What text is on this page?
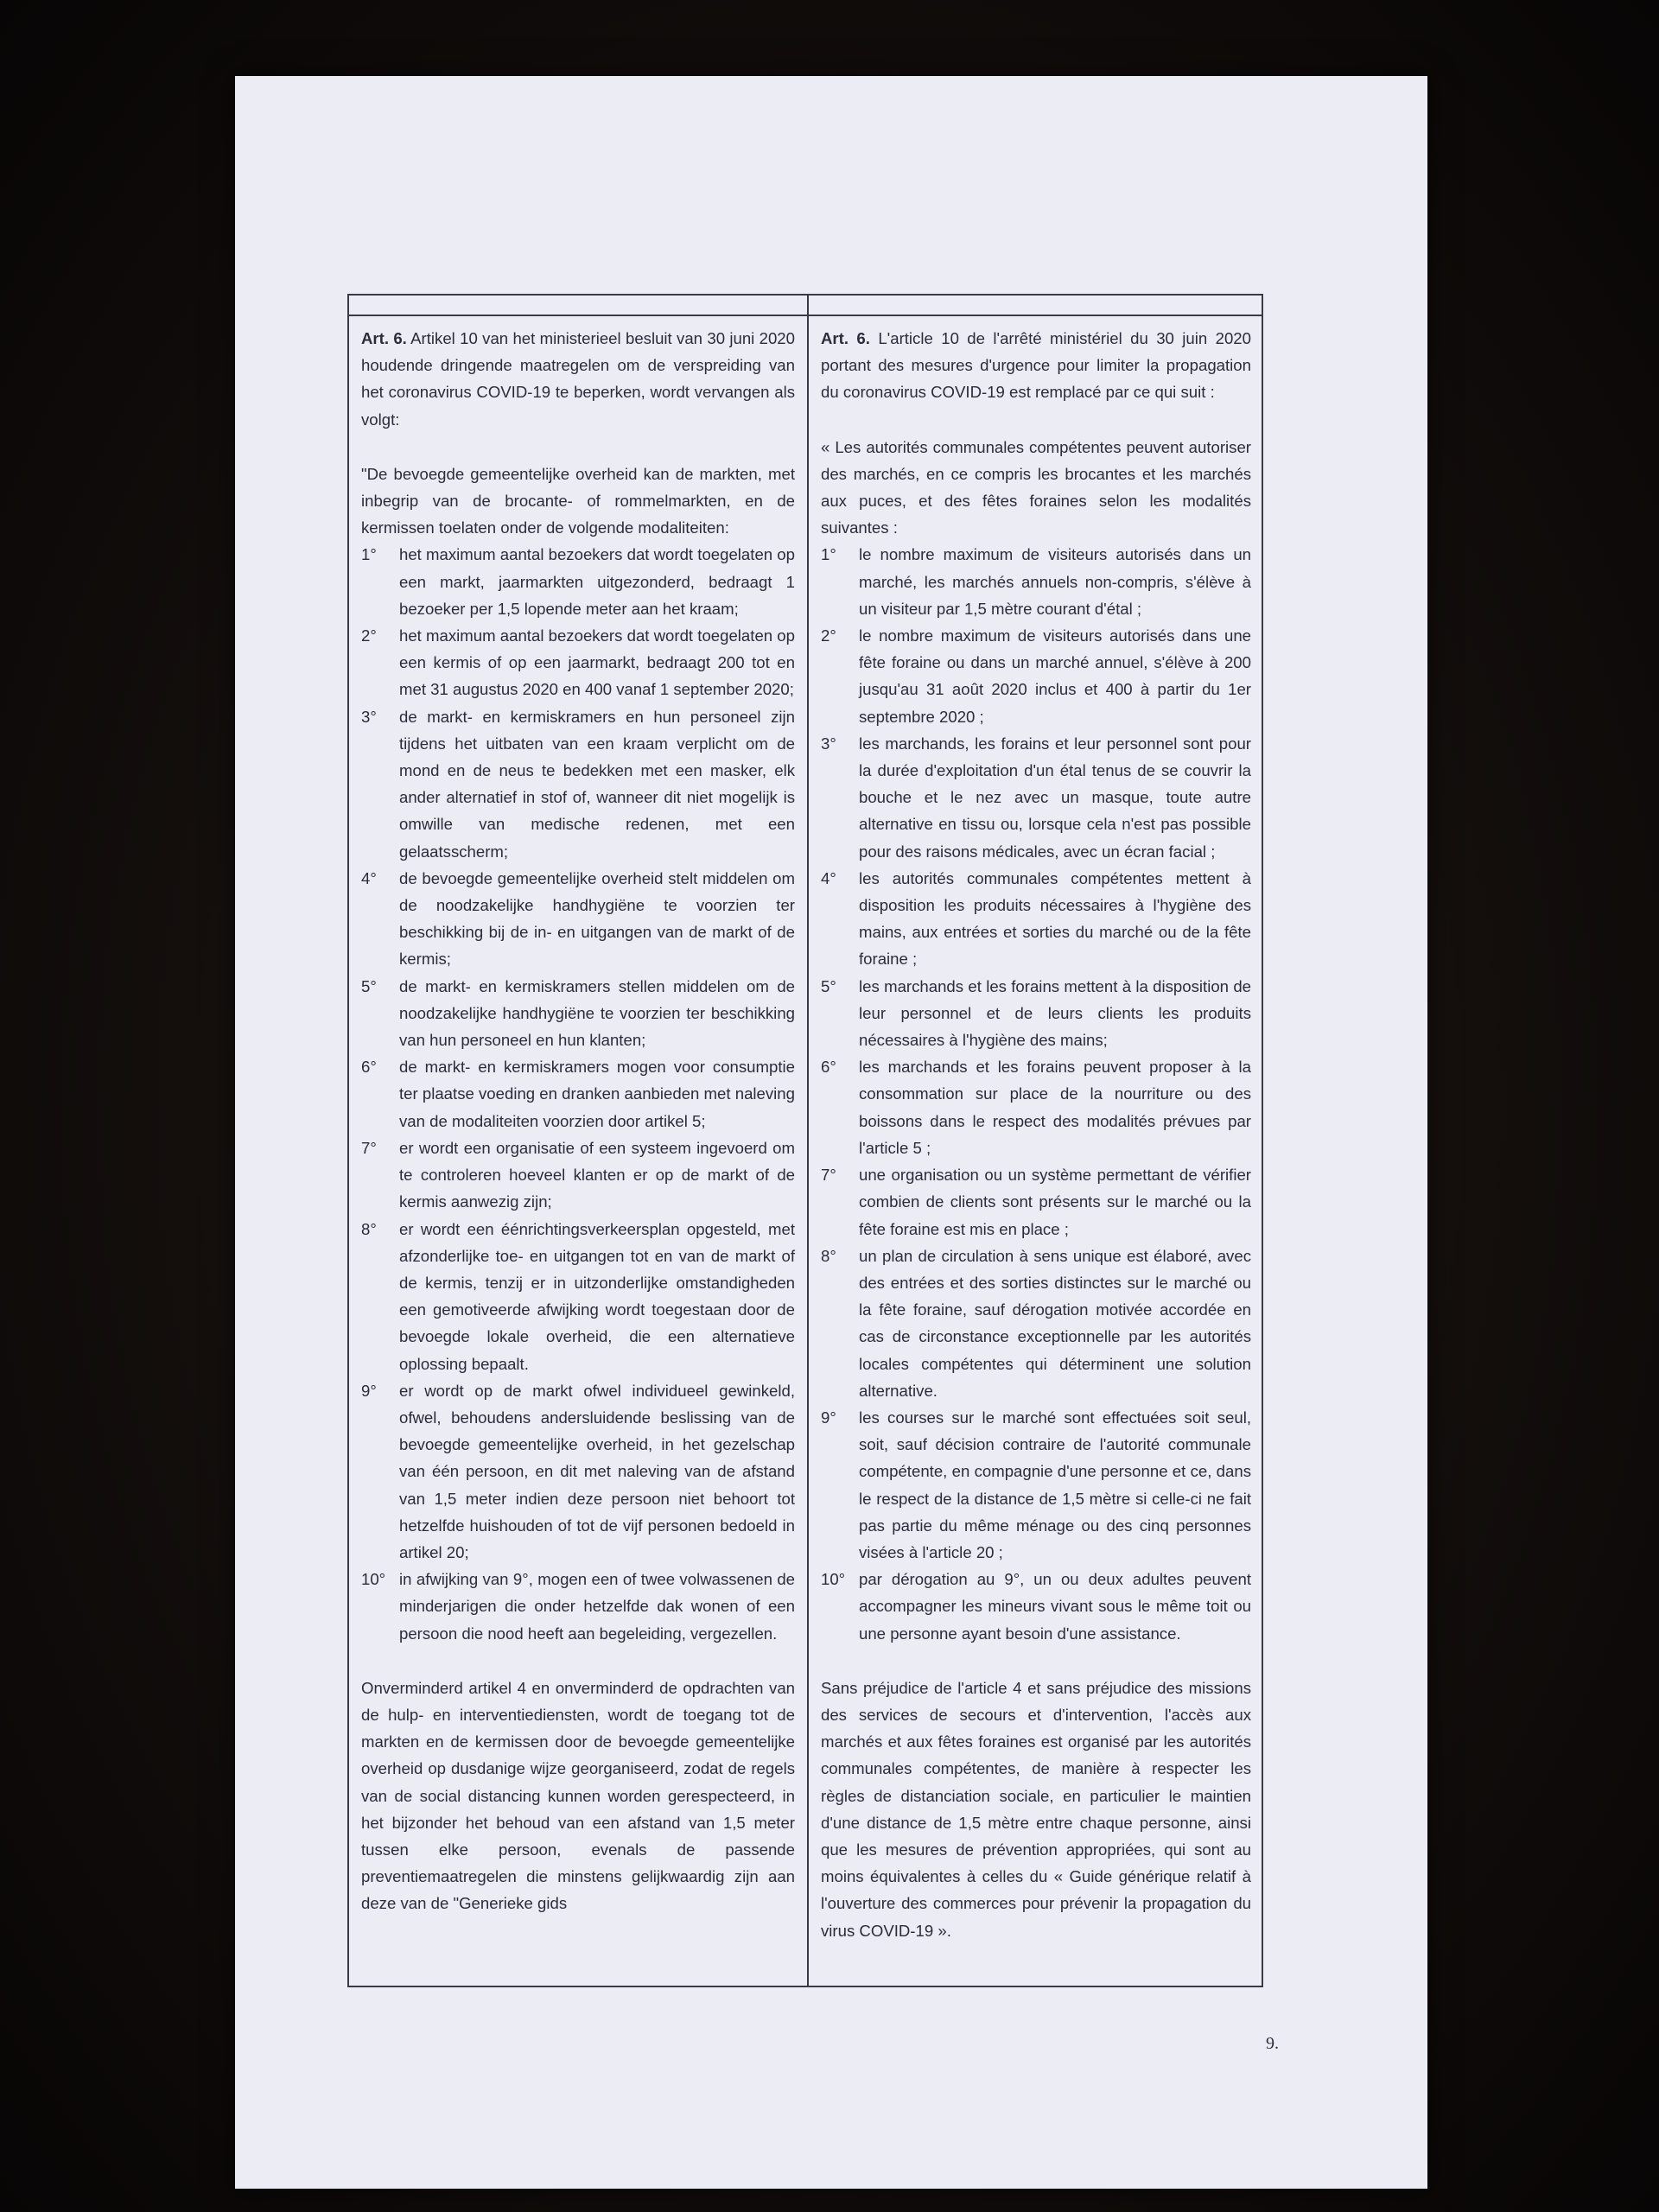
Art. 6. Artikel 10 van het ministerieel besluit van 30 juni 2020 houdende dringende maatregelen om de verspreiding van het coronavirus COVID-19 te beperken, wordt vervangen als volgt:

"De bevoegde gemeentelijke overheid kan de markten, met inbegrip van de brocante- of rommelmarkten, en de kermissen toelaten onder de volgende modaliteiten:

1°	het maximum aantal bezoekers dat wordt toegelaten op een markt, jaarmarkten uitgezonderd, bedraagt 1 bezoeker per 1,5 lopende meter aan het kraam;
2°	het maximum aantal bezoekers dat wordt toegelaten op een kermis of op een jaarmarkt, bedraagt 200 tot en met 31 augustus 2020 en 400 vanaf 1 september 2020;
3°	de markt- en kermiskramers en hun personeel zijn tijdens het uitbaten van een kraam verplicht om de mond en de neus te bedekken met een masker, elk ander alternatief in stof of, wanneer dit niet mogelijk is omwille van medische redenen, met een gelaatsscherm;
4°	de bevoegde gemeentelijke overheid stelt middelen om de noodzakelijke handhygiëne te voorzien ter beschikking bij de in- en uitgangen van de markt of de kermis;
5°	de markt- en kermiskramers stellen middelen om de noodzakelijke handhygiëne te voorzien ter beschikking van hun personeel en hun klanten;
6°	de markt- en kermiskramers mogen voor consumptie ter plaatse voeding en dranken aanbieden met naleving van de modaliteiten voorzien door artikel 5;
7°	er wordt een organisatie of een systeem ingevoerd om te controleren hoeveel klanten er op de markt of de kermis aanwezig zijn;
8°	er wordt een éénrichtingsverkeersplan opgesteld, met afzonderlijke toe- en uitgangen tot en van de markt of de kermis, tenzij er in uitzonderlijke omstandigheden een gemotiveerde afwijking wordt toegestaan door de bevoegde lokale overheid, die een alternatieve oplossing bepaalt.
9°	er wordt op de markt ofwel individueel gewinkeld, ofwel, behoudens andersluidende beslissing van de bevoegde gemeentelijke overheid, in het gezelschap van één persoon, en dit met naleving van de afstand van 1,5 meter indien deze persoon niet behoort tot hetzelfde huishouden of tot de vijf personen bedoeld in artikel 20;
10° in afwijking van 9°, mogen een of twee volwassenen de minderjarigen die onder hetzelfde dak wonen of een persoon die nood heeft aan begeleiding, vergezellen.

Onverminderd artikel 4 en onverminderd de opdrachten van de hulp- en interventiediensten, wordt de toegang tot de markten en de kermissen door de bevoegde gemeentelijke overheid op dusdanige wijze georganiseerd, zodat de regels van de social distancing kunnen worden gerespecteerd, in het bijzonder het behoud van een afstand van 1,5 meter tussen elke persoon, evenals de passende preventiemaatregelen die minstens gelijkwaardig zijn aan deze van de "Generieke gids

Art. 6. L'article 10 de l'arrêté ministériel du 30 juin 2020 portant des mesures d'urgence pour limiter la propagation du coronavirus COVID-19 est remplacé par ce qui suit :

« Les autorités communales compétentes peuvent autoriser des marchés, en ce compris les brocantes et les marchés aux puces, et des fêtes foraines selon les modalités suivantes :

1°	le nombre maximum de visiteurs autorisés dans un marché, les marchés annuels non-compris, s'élève à un visiteur par 1,5 mètre courant d'étal ;
2°	le nombre maximum de visiteurs autorisés dans une fête foraine ou dans un marché annuel, s'élève à 200 jusqu'au 31 août 2020 inclus et 400 à partir du 1er septembre 2020 ;
3°	les marchands, les forains et leur personnel sont pour la durée d'exploitation d'un étal tenus de se couvrir la bouche et le nez avec un masque, toute autre alternative en tissu ou, lorsque cela n'est pas possible pour des raisons médicales, avec un écran facial ;
4°	les autorités communales compétentes mettent à disposition les produits nécessaires à l'hygiène des mains, aux entrées et sorties du marché ou de la fête foraine ;
5°	les marchands et les forains mettent à la disposition de leur personnel et de leurs clients les produits nécessaires à l'hygiène des mains;
6°	les marchands et les forains peuvent proposer à la consommation sur place de la nourriture ou des boissons dans le respect des modalités prévues par l'article 5 ;
7°	une organisation ou un système permettant de vérifier combien de clients sont présents sur le marché ou la fête foraine est mis en place ;
8°	un plan de circulation à sens unique est élaboré, avec des entrées et des sorties distinctes sur le marché ou la fête foraine, sauf dérogation motivée accordée en cas de circonstance exceptionnelle par les autorités locales compétentes qui déterminent une solution alternative.
9°	les courses sur le marché sont effectuées soit seul, soit, sauf décision contraire de l'autorité communale compétente, en compagnie d'une personne et ce, dans le respect de la distance de 1,5 mètre si celle-ci ne fait pas partie du même ménage ou des cinq personnes visées à l'article 20 ;
10° par dérogation au 9°, un ou deux adultes peuvent accompagner les mineurs vivant sous le même toit ou une personne ayant besoin d'une assistance.

Sans préjudice de l'article 4 et sans préjudice des missions des services de secours et d'intervention, l'accès aux marchés et aux fêtes foraines est organisé par les autorités communales compétentes, de manière à respecter les règles de distanciation sociale, en particulier le maintien d'une distance de 1,5 mètre entre chaque personne, ainsi que les mesures de prévention appropriées, qui sont au moins équivalentes à celles du « Guide générique relatif à l'ouverture des commerces pour prévenir la propagation du virus COVID-19 ».

9.
